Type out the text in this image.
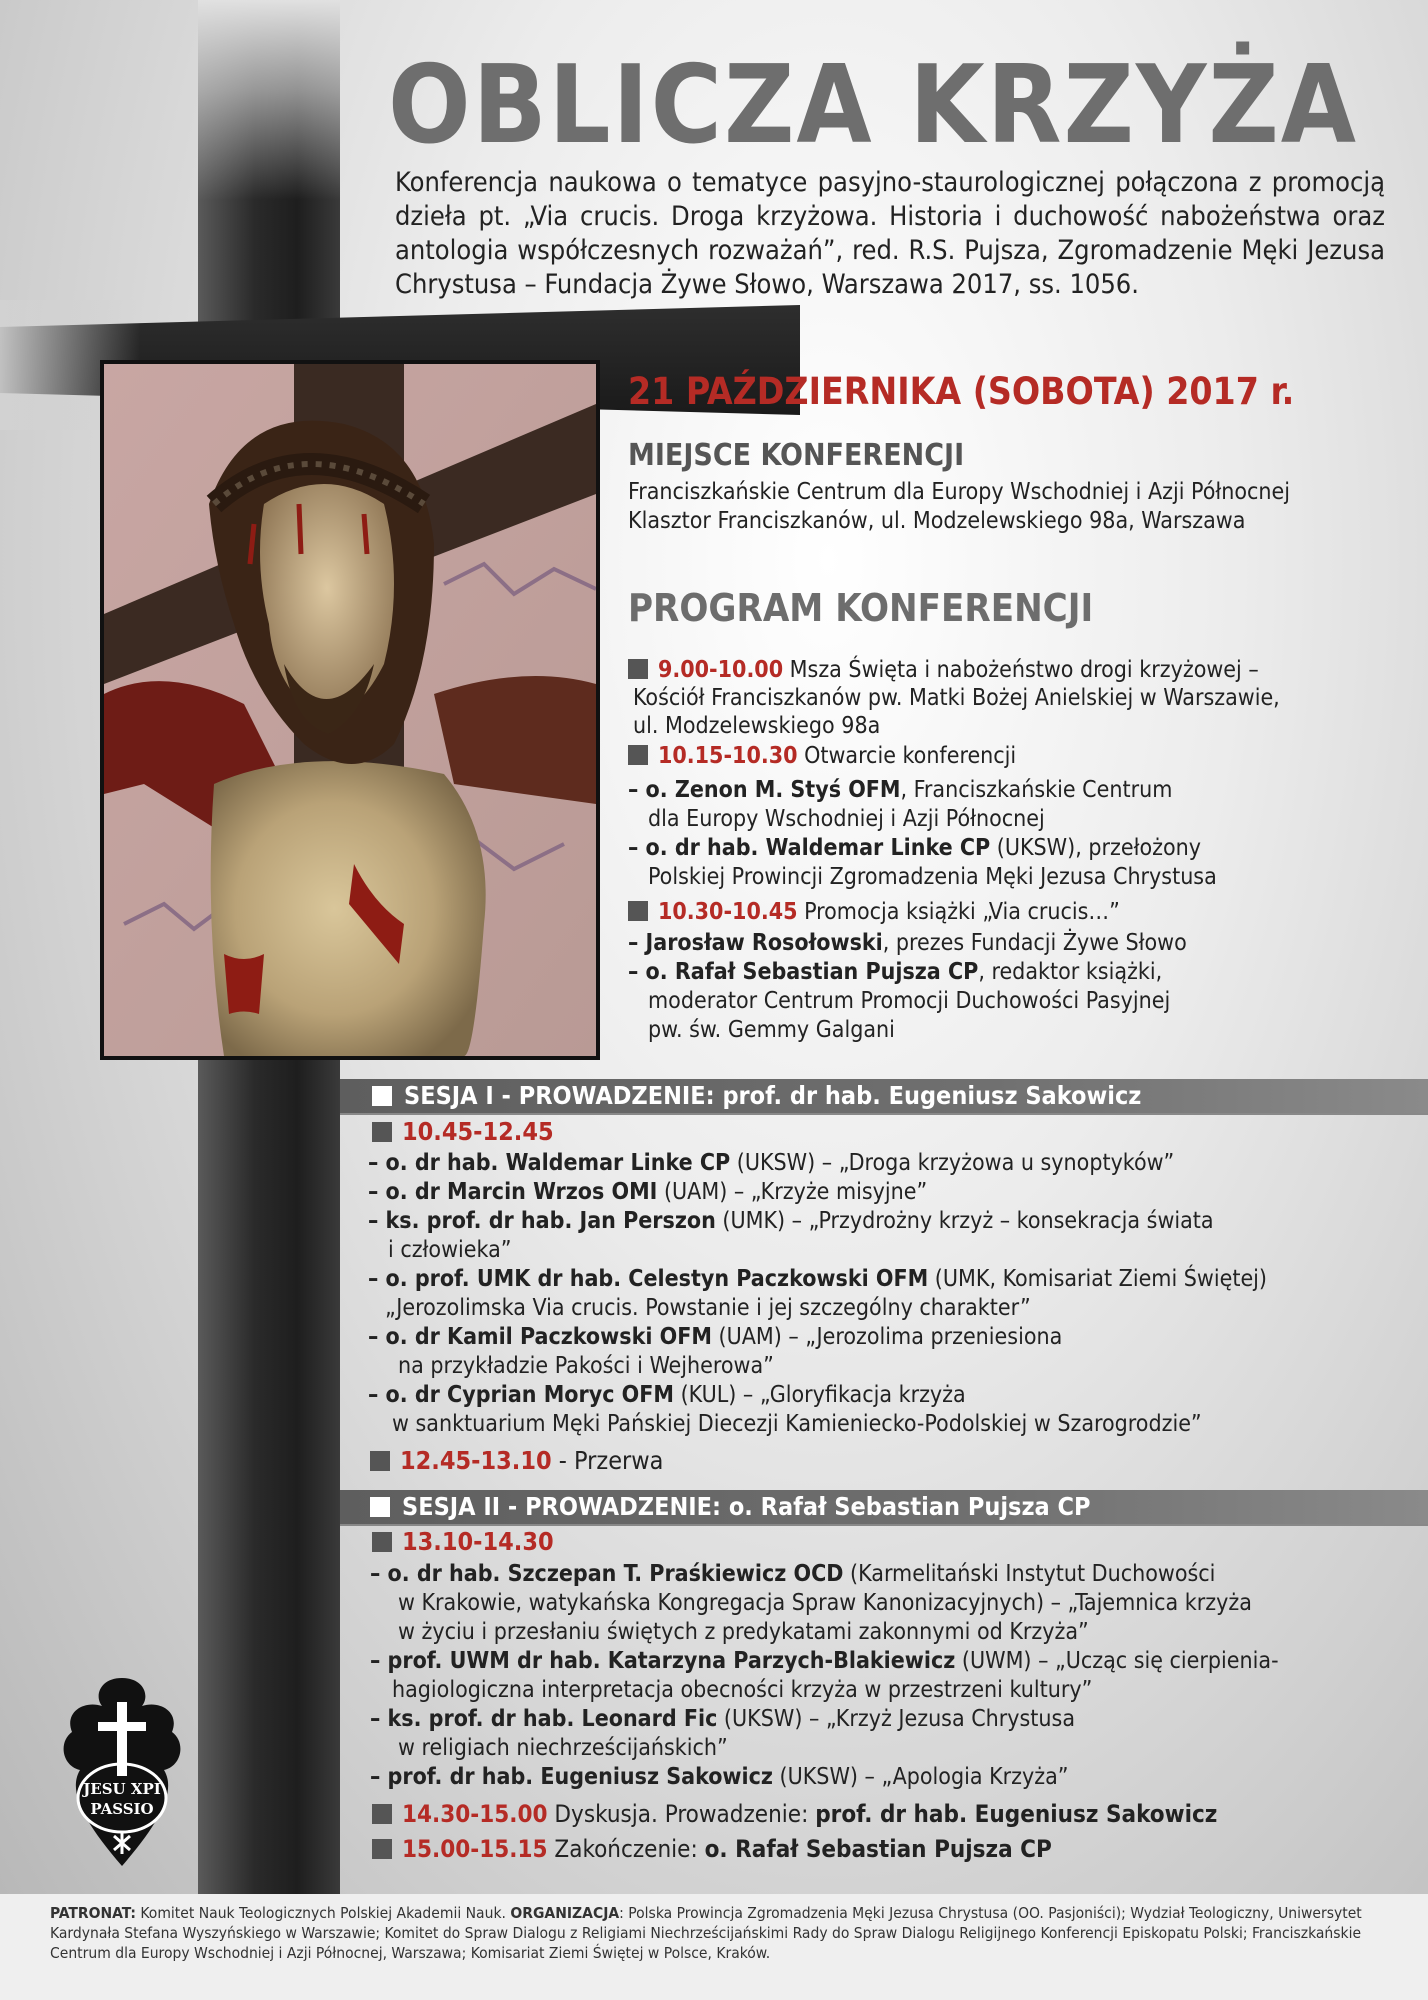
OBLICZA KRZYŻA
Konferencja naukowa o tematyce pasyjno-staurologicznej połączona z promocją dzieła pt. „Via crucis. Droga krzyżowa. Historia i duchowość nabożeństwa oraz antologia współczesnych rozważań”, red. R.S. Pujsza, Zgromadzenie Męki Jezusa Chrystusa – Fundacja Żywe Słowo, Warszawa 2017, ss. 1056.
21 PAŹDZIERNIKA (SOBOTA) 2017 r.
MIEJSCE KONFERENCJI
Franciszkańskie Centrum dla Europy Wschodniej i Azji Północnej
Klasztor Franciszkanów, ul. Modzelewskiego 98a, Warszawa
PROGRAM KONFERENCJI
9.00-10.00 Msza Święta i nabożeństwo drogi krzyżowej –
Kościół Franciszkanów pw. Matki Bożej Anielskiej w Warszawie,
ul. Modzelewskiego 98a
10.15-10.30 Otwarcie konferencji
– o. Zenon M. Styś OFM, Franciszkańskie Centrum
dla Europy Wschodniej i Azji Północnej
– o. dr hab. Waldemar Linke CP (UKSW), przełożony
Polskiej Prowincji Zgromadzenia Męki Jezusa Chrystusa
10.30-10.45 Promocja książki „Via crucis…”
– Jarosław Rosołowski, prezes Fundacji Żywe Słowo
– o. Rafał Sebastian Pujsza CP, redaktor książki,
moderator Centrum Promocji Duchowości Pasyjnej
pw. św. Gemmy Galgani
SESJA I - PROWADZENIE: prof. dr hab. Eugeniusz Sakowicz
10.45-12.45
– o. dr hab. Waldemar Linke CP (UKSW) – „Droga krzyżowa u synoptyków”
– o. dr Marcin Wrzos OMI (UAM) – „Krzyże misyjne”
– ks. prof. dr hab. Jan Perszon (UMK) – „Przydrożny krzyż – konsekracja świata
i człowieka”
– o. prof. UMK dr hab. Celestyn Paczkowski OFM (UMK, Komisariat Ziemi Świętej)
„Jerozolimska Via crucis. Powstanie i jej szczególny charakter”
– o. dr Kamil Paczkowski OFM (UAM) – „Jerozolima przeniesiona
na przykładzie Pakości i Wejherowa”
– o. dr Cyprian Moryc OFM (KUL) – „Gloryfikacja krzyża
w sanktuarium Męki Pańskiej Diecezji Kamieniecko-Podolskiej w Szarogrodzie”
12.45-13.10 - Przerwa
SESJA II - PROWADZENIE: o. Rafał Sebastian Pujsza CP
13.10-14.30
– o. dr hab. Szczepan T. Praśkiewicz OCD (Karmelitański Instytut Duchowości
w Krakowie, watykańska Kongregacja Spraw Kanonizacyjnych) – „Tajemnica krzyża
w życiu i przesłaniu świętych z predykatami zakonnymi od Krzyża”
– prof. UWM dr hab. Katarzyna Parzych-Blakiewicz (UWM) – „Ucząc się cierpienia-
hagiologiczna interpretacja obecności krzyża w przestrzeni kultury”
– ks. prof. dr hab. Leonard Fic (UKSW) – „Krzyż Jezusa Chrystusa
w religiach niechrześcijańskich”
– prof. dr hab. Eugeniusz Sakowicz (UKSW) – „Apologia Krzyża”
14.30-15.00 Dyskusja. Prowadzenie: prof. dr hab. Eugeniusz Sakowicz
15.00-15.15 Zakończenie: o. Rafał Sebastian Pujsza CP
JESU XPI
PASSIO
PATRONAT: Komitet Nauk Teologicznych Polskiej Akademii Nauk. ORGANIZACJA: Polska Prowincja Zgromadzenia Męki Jezusa Chrystusa (OO. Pasjoniści); Wydział Teologiczny, Uniwersytet Kardynała Stefana Wyszyńskiego w Warszawie; Komitet do Spraw Dialogu z Religiami Niechrześcijańskimi Rady do Spraw Dialogu Religijnego Konferencji Episkopatu Polski; Franciszkańskie Centrum dla Europy Wschodniej i Azji Północnej, Warszawa; Komisariat Ziemi Świętej w Polsce, Kraków.
